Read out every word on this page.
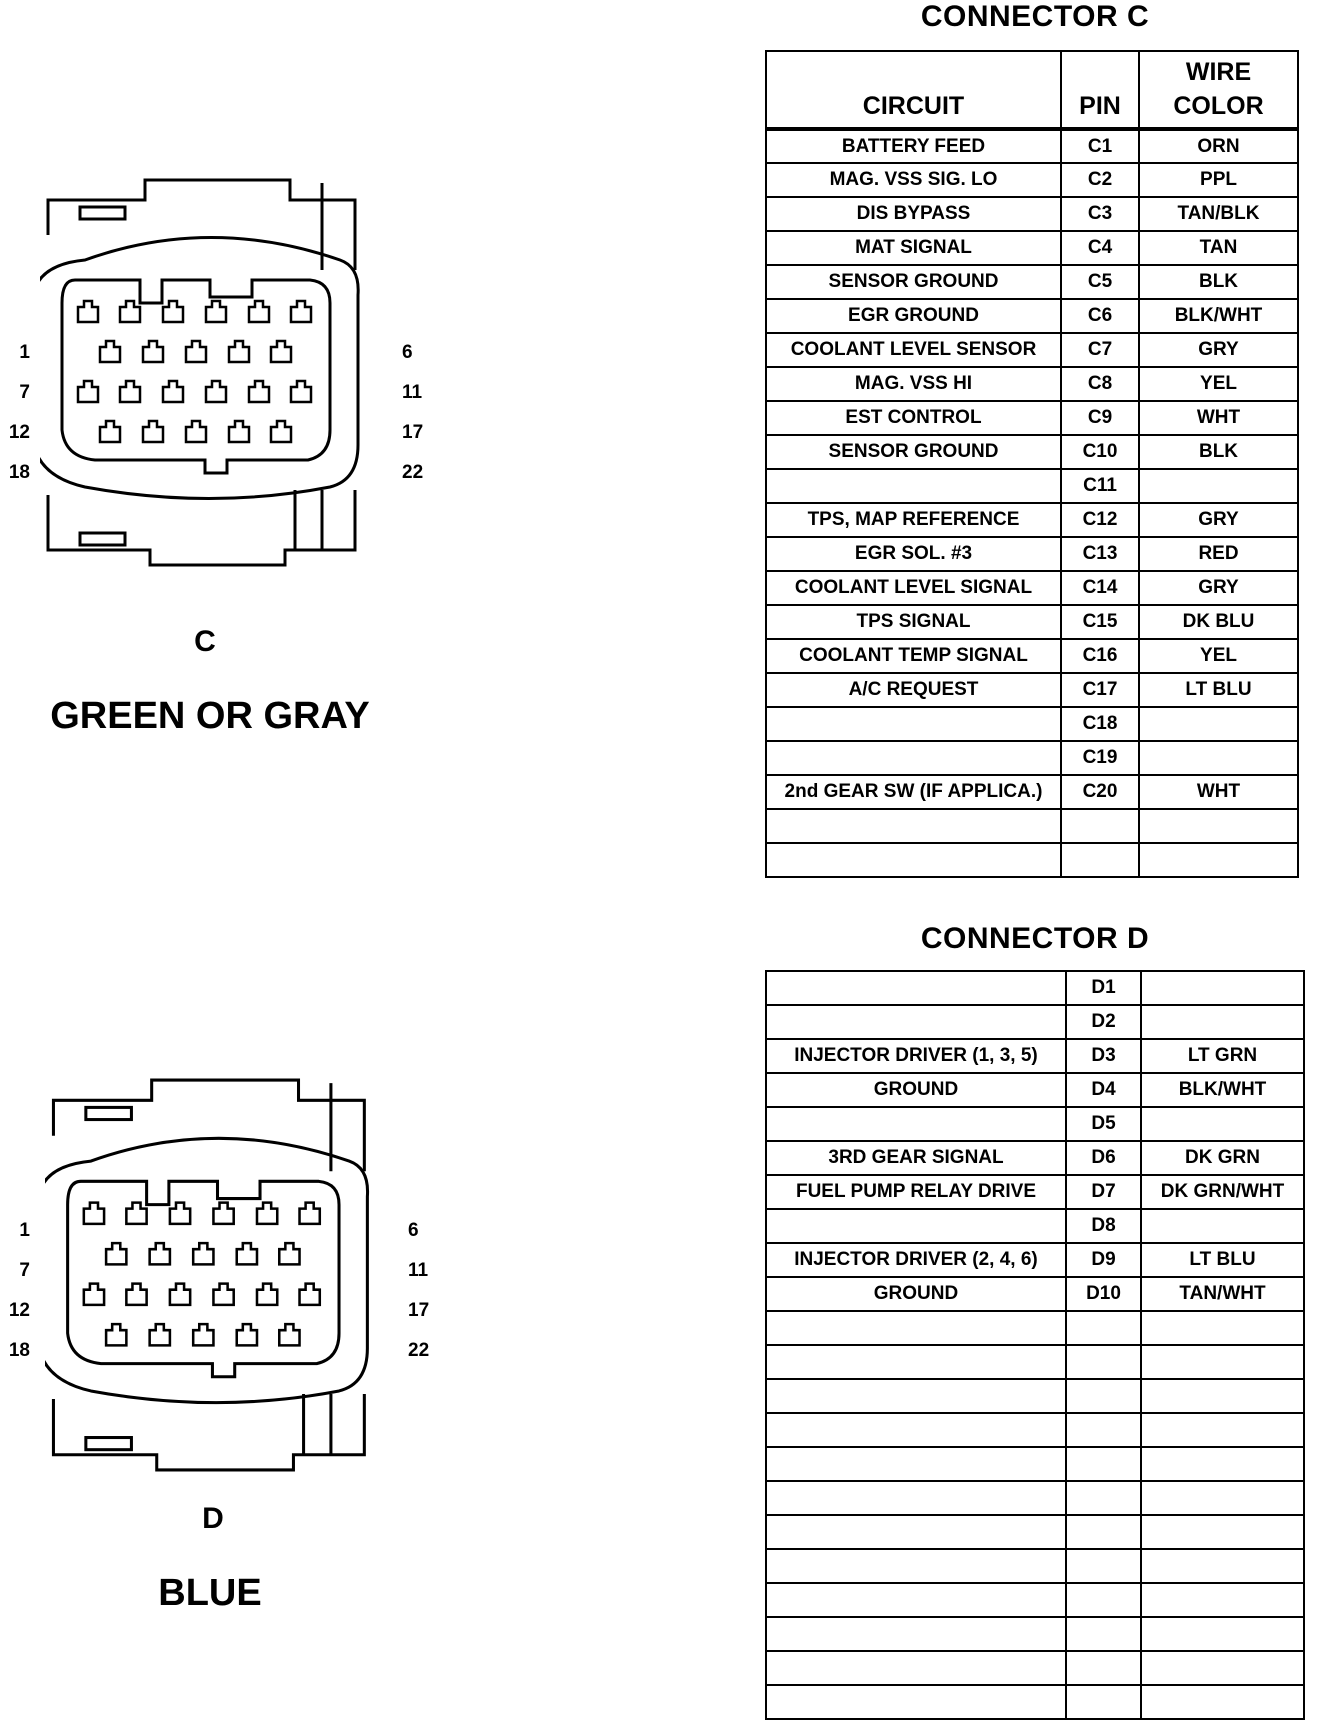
1
7
12
18
6
11
17
22
C
GREEN OR GRAY
1
7
12
18
6
11
17
22
D
BLUE
CONNECTOR C
CIRCUIT	PIN	WIRE
COLOR

BATTERY FEED	C1	ORN
MAG. VSS SIG. LO	C2	PPL
DIS BYPASS	C3	TAN/BLK
MAT SIGNAL	C4	TAN
SENSOR GROUND	C5	BLK
EGR GROUND	C6	BLK/WHT
COOLANT LEVEL SENSOR	C7	GRY
MAG. VSS HI	C8	YEL
EST CONTROL	C9	WHT
SENSOR GROUND	C10	BLK
	C11	
TPS, MAP REFERENCE	C12	GRY
EGR SOL. #3	C13	RED
COOLANT LEVEL SIGNAL	C14	GRY
TPS SIGNAL	C15	DK BLU
COOLANT TEMP SIGNAL	C16	YEL
A/C REQUEST	C17	LT BLU
	C18	
	C19	
2nd GEAR SW (IF APPLICA.)	C20	WHT

CONNECTOR D
	D1	
	D2	
INJECTOR DRIVER (1, 3, 5)	D3	LT GRN
GROUND	D4	BLK/WHT
	D5	
3RD GEAR SIGNAL	D6	DK GRN
FUEL PUMP RELAY DRIVE	D7	DK GRN/WHT
	D8	
INJECTOR DRIVER (2, 4, 6)	D9	LT BLU
GROUND	D10	TAN/WHT
